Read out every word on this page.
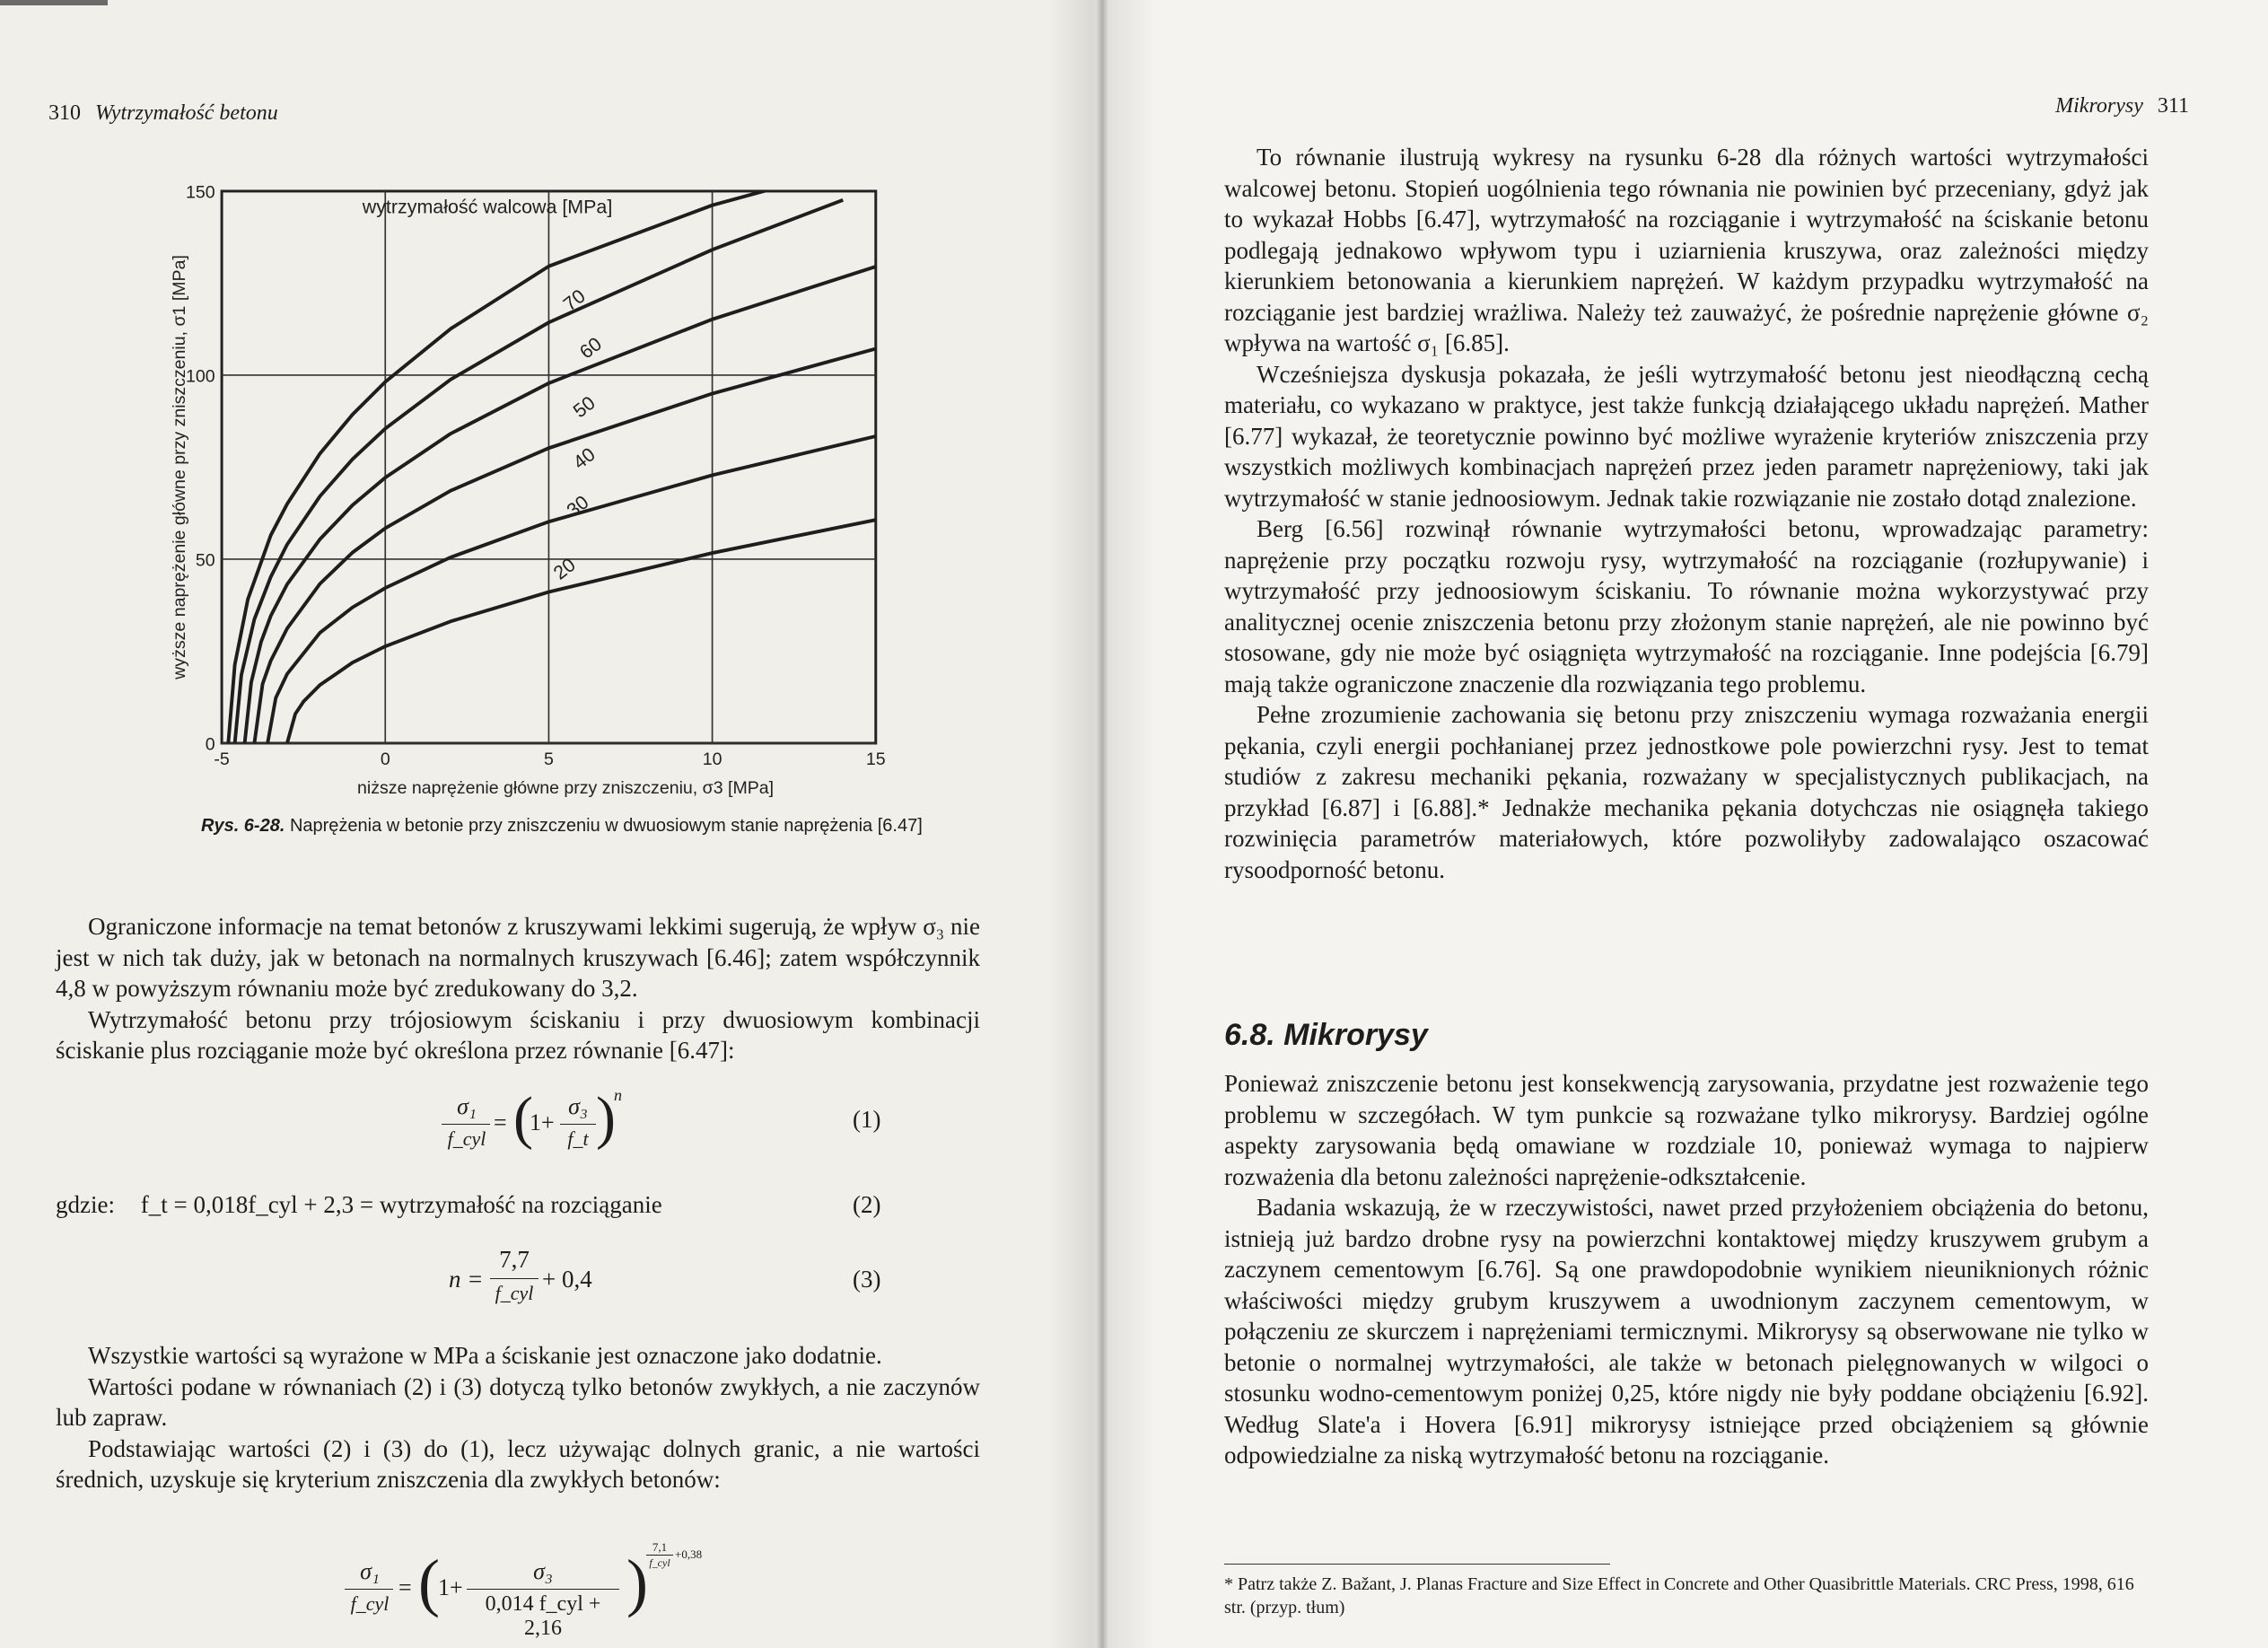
310 Wytrzymałość betonu
0
50
100
150
-5	0	5	10	15
niższe naprężenie główne przy zniszczeniu, σ3 [MPa]
wyższe naprężenie główne przy zniszczeniu, σ1 [MPa]
wytrzymałość walcowa [MPa]
20
30
40
50
60
70
Rys. 6-28. Naprężenia w betonie przy zniszczeniu w dwuosiowym stanie naprężenia [6.47]

Ograniczone informacje na temat betonów z kruszywami lekkimi sugerują, że wpływ σ₃ nie jest w nich tak duży, jak w betonach na normalnych kruszywach [6.46]; zatem współczynnik 4,8 w powyższym równaniu może być zredukowany do 3,2.

Wytrzymałość betonu przy trójosiowym ściskaniu i przy dwuosiowym kombinacji ściskanie plus rozciąganie może być określona przez równanie [6.47]:

σ₁
f_cyl
= (
1+
σ₃
f_t )
n
(1)
gdzie: f_t = 0,018f_cyl + 2,3 = wytrzymałość na rozciąganie	(2)
n =
7,7
f_cyl
+ 0,4	(3)

Wszystkie wartości są wyrażone w MPa a ściskanie jest oznaczone jako dodatnie.

Wartości podane w równaniach (2) i (3) dotyczą tylko betonów zwykłych, a nie zaczynów lub zapraw.

Podstawiając wartości (2) i (3) do (1), lecz używając dolnych granic, a nie wartości średnich, uzyskuje się kryterium zniszczenia dla zwykłych betonów:

σ₁
f_cyl
= (
1+
σ₃
0,014 f_cyl + 2,16
) 7,1
f_cyl
+0,38
Mikrorysy 311

To równanie ilustrują wykresy na rysunku 6-28 dla różnych wartości wytrzymałości walcowej betonu. Stopień uogólnienia tego równania nie powinien być przeceniany, gdyż jak to wykazał Hobbs [6.47], wytrzymałość na rozciąganie i wytrzymałość na ściskanie betonu podlegają jednakowo wpływom typu i uziarnienia kruszywa, oraz zależności między kierunkiem betonowania a kierunkiem naprężeń. W każdym przypadku wytrzymałość na rozciąganie jest bardziej wrażliwa. Należy też zauważyć, że pośrednie naprężenie główne σ₂ wpływa na wartość σ₁ [6.85].

Wcześniejsza dyskusja pokazała, że jeśli wytrzymałość betonu jest nieodłączną cechą materiału, co wykazano w praktyce, jest także funkcją działającego układu naprężeń. Mather [6.77] wykazał, że teoretycznie powinno być możliwe wyrażenie kryteriów zniszczenia przy wszystkich możliwych kombinacjach naprężeń przez jeden parametr naprężeniowy, taki jak wytrzymałość w stanie jednoosiowym. Jednak takie rozwiązanie nie zostało dotąd znalezione.

Berg [6.56] rozwinął równanie wytrzymałości betonu, wprowadzając parametry: naprężenie przy początku rozwoju rysy, wytrzymałość na rozciąganie (rozłupywanie) i wytrzymałość przy jednoosiowym ściskaniu. To równanie można wykorzystywać przy analitycznej ocenie zniszczenia betonu przy złożonym stanie naprężeń, ale nie powinno być stosowane, gdy nie może być osiągnięta wytrzymałość na rozciąganie. Inne podejścia [6.79] mają także ograniczone znaczenie dla rozwiązania tego problemu.

Pełne zrozumienie zachowania się betonu przy zniszczeniu wymaga rozważania energii pękania, czyli energii pochłanianej przez jednostkowe pole powierzchni rysy. Jest to temat studiów z zakresu mechaniki pękania, rozważany w specjalistycznych publikacjach, na przykład [6.87] i [6.88].* Jednakże mechanika pękania dotychczas nie osiągnęła takiego rozwinięcia parametrów materiałowych, które pozwoliłyby zadowalająco oszacować rysoodporność betonu.

6.8. Mikrorysy

Ponieważ zniszczenie betonu jest konsekwencją zarysowania, przydatne jest rozważenie tego problemu w szczegółach. W tym punkcie są rozważane tylko mikrorysy. Bardziej ogólne aspekty zarysowania będą omawiane w rozdziale 10, ponieważ wymaga to najpierw rozważenia dla betonu zależności naprężenie-odkształcenie.

Badania wskazują, że w rzeczywistości, nawet przed przyłożeniem obciążenia do betonu, istnieją już bardzo drobne rysy na powierzchni kontaktowej między kruszywem grubym a zaczynem cementowym [6.76]. Są one prawdopodobnie wynikiem nieuniknionych różnic właściwości między grubym kruszywem a uwodnionym zaczynem cementowym, w połączeniu ze skurczem i naprężeniami termicznymi. Mikrorysy są obserwowane nie tylko w betonie o normalnej wytrzymałości, ale także w betonach pielęgnowanych w wilgoci o stosunku wodno-cementowym poniżej 0,25, które nigdy nie były poddane obciążeniu [6.92]. Według Slate'a i Hovera [6.91] mikrorysy istniejące przed obciążeniem są głównie odpowiedzialne za niską wytrzymałość betonu na rozciąganie.

* Patrz także Z. Bažant, J. Planas Fracture and Size Effect in Concrete and Other Quasibrittle Materials. CRC Press, 1998, 616 str. (przyp. tłum)
